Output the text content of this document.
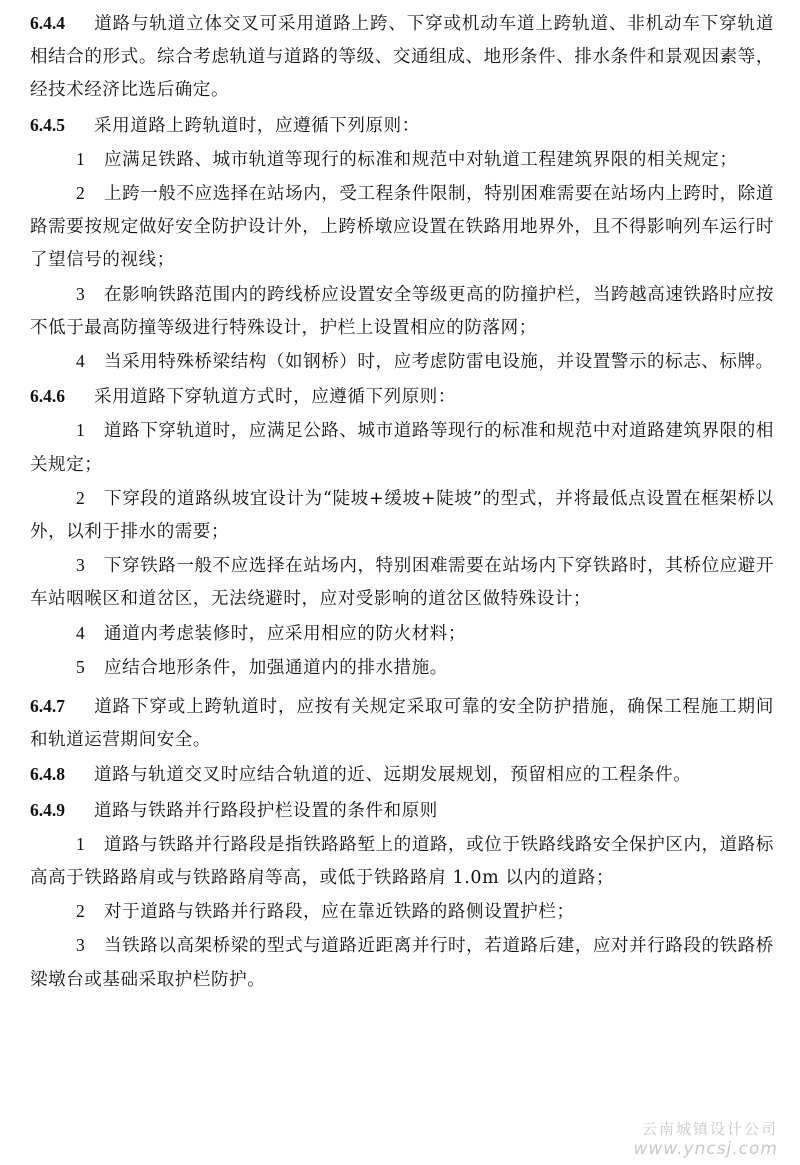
6.4.4 道路与轨道立体交叉可采用道路上跨、下穿或机动车道上跨轨道、非机动车下穿轨道相结合的形式。综合考虑轨道与道路的等级、交通组成、地形条件、排水条件和景观因素等，经技术经济比选后确定。

6.4.5 采用道路上跨轨道时，应遵循下列原则：

1 应满足铁路、城市轨道等现行的标准和规范中对轨道工程建筑界限的相关规定；

2 上跨一般不应选择在站场内，受工程条件限制，特别困难需要在站场内上跨时，除道路需要按规定做好安全防护设计外，上跨桥墩应设置在铁路用地界外，且不得影响列车运行时了望信号的视线；

3 在影响铁路范围内的跨线桥应设置安全等级更高的防撞护栏，当跨越高速铁路时应按不低于最高防撞等级进行特殊设计，护栏上设置相应的防落网；

4 当采用特殊桥梁结构（如钢桥）时，应考虑防雷电设施，并设置警示的标志、标牌。

6.4.6 采用道路下穿轨道方式时，应遵循下列原则：

1 道路下穿轨道时，应满足公路、城市道路等现行的标准和规范中对道路建筑界限的相关规定；

2 下穿段的道路纵坡宜设计为“陡坡+缓坡+陡坡”的型式，并将最低点设置在框架桥以外，以利于排水的需要；

3 下穿铁路一般不应选择在站场内，特别困难需要在站场内下穿铁路时，其桥位应避开车站咽喉区和道岔区，无法绕避时，应对受影响的道岔区做特殊设计；

4 通道内考虑装修时，应采用相应的防火材料；

5 应结合地形条件，加强通道内的排水措施。

6.4.7 道路下穿或上跨轨道时，应按有关规定采取可靠的安全防护措施，确保工程施工期间和轨道运营期间安全。

6.4.8 道路与轨道交叉时应结合轨道的近、远期发展规划，预留相应的工程条件。

6.4.9 道路与铁路并行路段护栏设置的条件和原则

1 道路与铁路并行路段是指铁路路堑上的道路，或位于铁路线路安全保护区内，道路标高高于铁路路肩或与铁路路肩等高，或低于铁路路肩 1.0m 以内的道路；

2 对于道路与铁路并行路段，应在靠近铁路的路侧设置护栏；

3 当铁路以高架桥梁的型式与道路近距离并行时，若道路后建，应对并行路段的铁路桥梁墩台或基础采取护栏防护。

云南城镇设计公司
www.yncsj.com
